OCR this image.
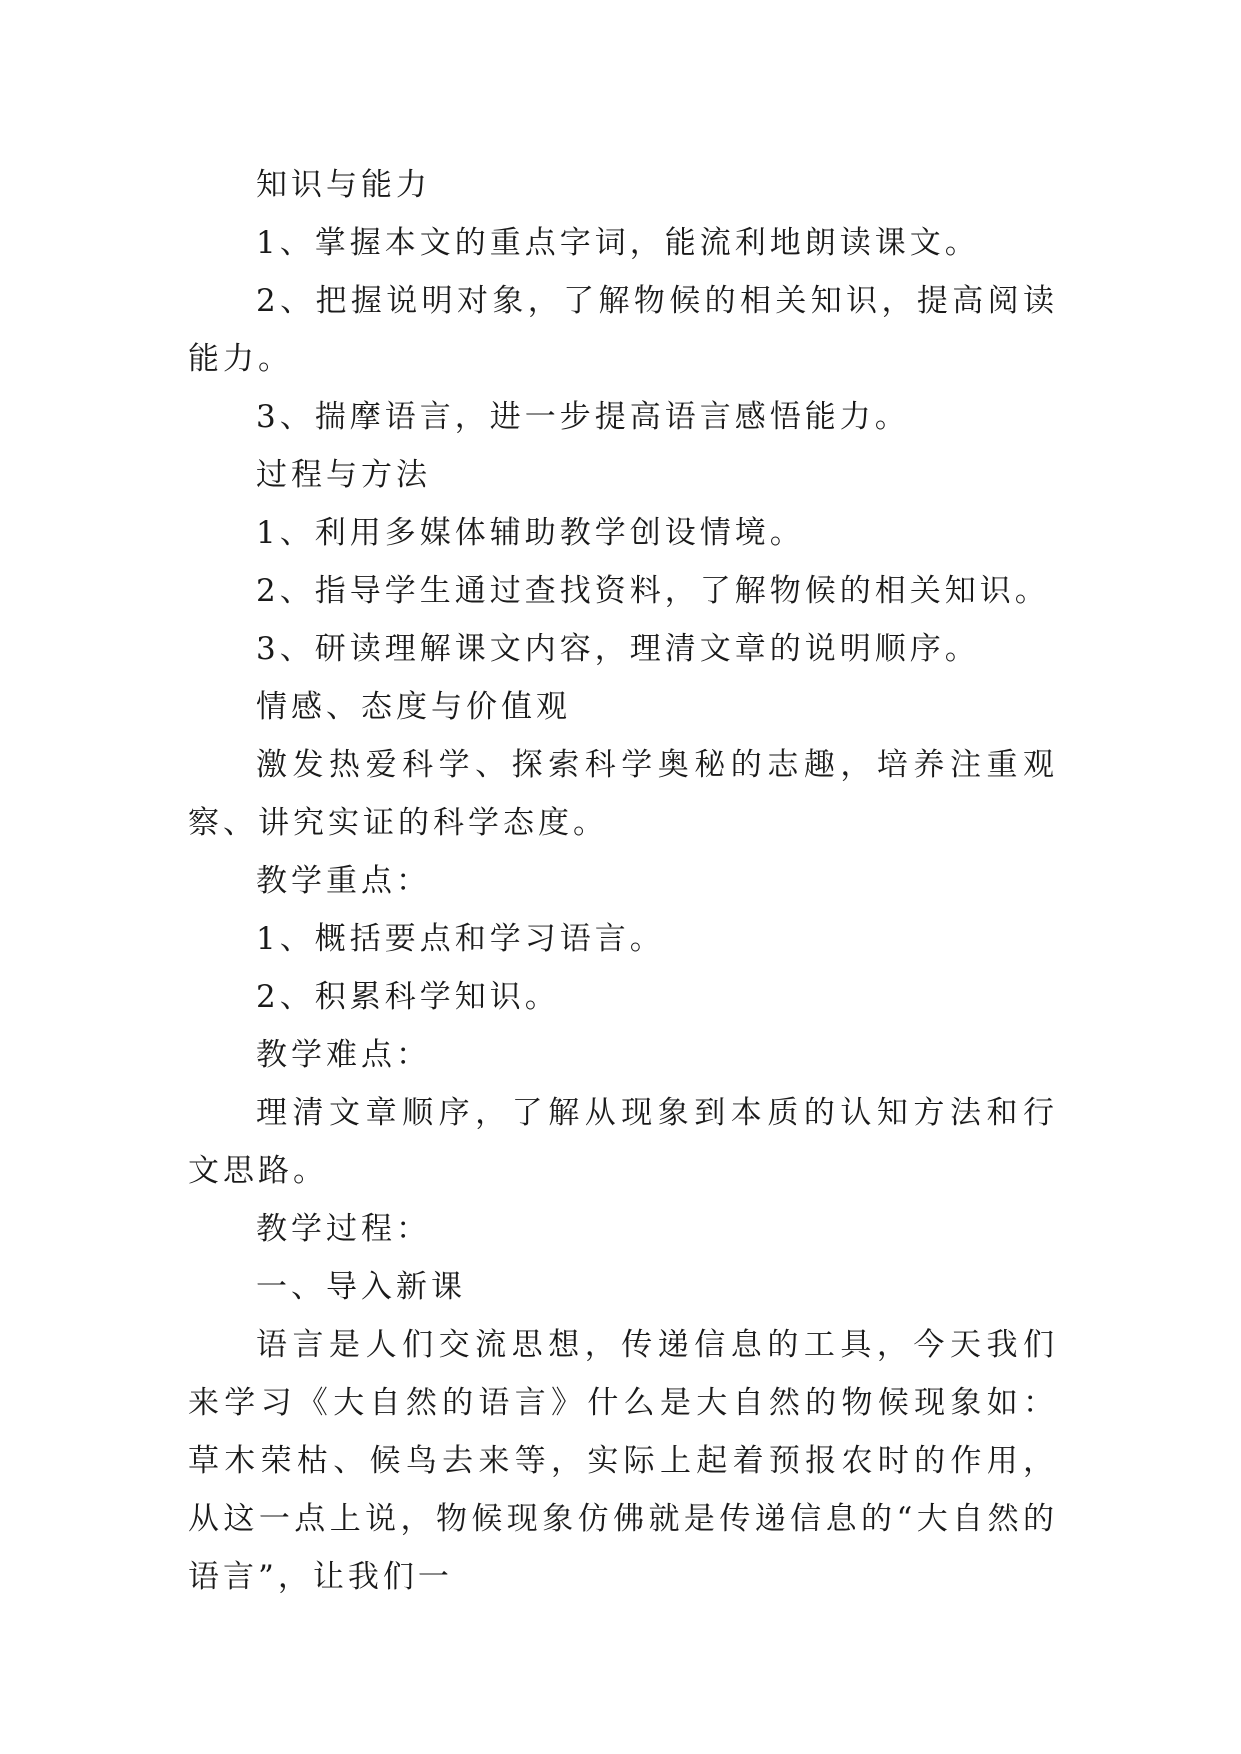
知识与能力

1、掌握本文的重点字词，能流利地朗读课文。

2、把握说明对象，了解物候的相关知识，提高阅读能力。

3、揣摩语言，进一步提高语言感悟能力。

过程与方法

1、利用多媒体辅助教学创设情境。

2、指导学生通过查找资料，了解物候的相关知识。

3、研读理解课文内容，理清文章的说明顺序。

情感、态度与价值观

激发热爱科学、探索科学奥秘的志趣，培养注重观察、讲究实证的科学态度。

教学重点：

1、概括要点和学习语言。

2、积累科学知识。

教学难点：

理清文章顺序，了解从现象到本质的认知方法和行文思路。

教学过程：

一、导入新课

语言是人们交流思想，传递信息的工具，今天我们来学习《大自然的语言》什么是大自然的物候现象如：草木荣枯、候鸟去来等，实际上起着预报农时的作用，从这一点上说，物候现象仿佛就是传递信息的“大自然的语言”，让我们一
